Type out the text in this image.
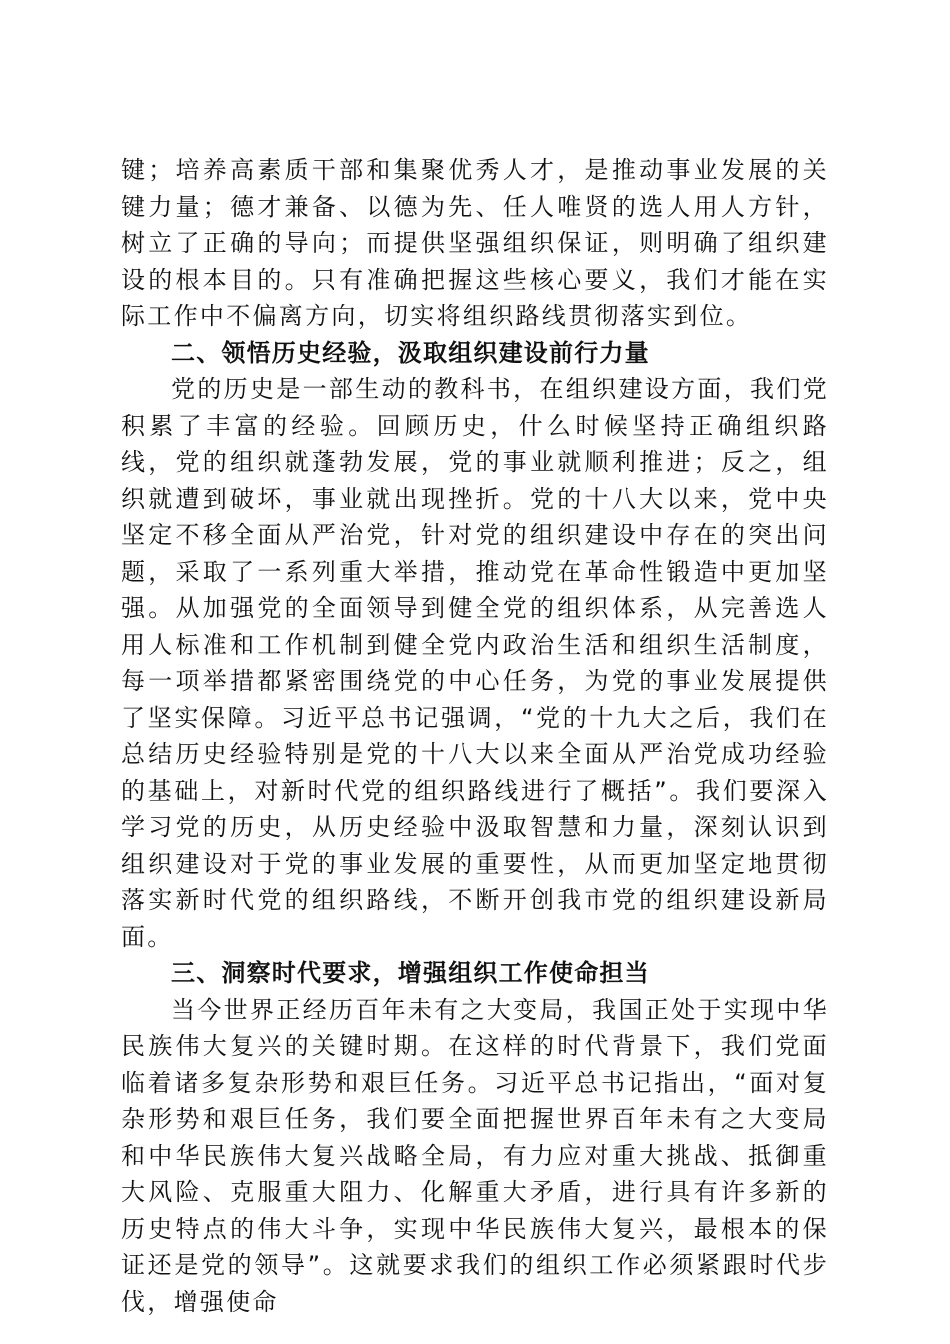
键；培养高素质干部和集聚优秀人才，是推动事业发展的关键力量；德才兼备、以德为先、任人唯贤的选人用人方针，树立了正确的导向；而提供坚强组织保证，则明确了组织建设的根本目的。只有准确把握这些核心要义，我们才能在实际工作中不偏离方向，切实将组织路线贯彻落实到位。

二、领悟历史经验，汲取组织建设前行力量

党的历史是一部生动的教科书，在组织建设方面，我们党积累了丰富的经验。回顾历史，什么时候坚持正确组织路线，党的组织就蓬勃发展，党的事业就顺利推进；反之，组织就遭到破坏，事业就出现挫折。党的十八大以来，党中央坚定不移全面从严治党，针对党的组织建设中存在的突出问题，采取了一系列重大举措，推动党在革命性锻造中更加坚强。从加强党的全面领导到健全党的组织体系，从完善选人用人标准和工作机制到健全党内政治生活和组织生活制度，每一项举措都紧密围绕党的中心任务，为党的事业发展提供了坚实保障。习近平总书记强调，“党的十九大之后，我们在总结历史经验特别是党的十八大以来全面从严治党成功经验的基础上，对新时代党的组织路线进行了概括”。我们要深入学习党的历史，从历史经验中汲取智慧和力量，深刻认识到组织建设对于党的事业发展的重要性，从而更加坚定地贯彻落实新时代党的组织路线，不断开创我市党的组织建设新局面。

三、洞察时代要求，增强组织工作使命担当

当今世界正经历百年未有之大变局，我国正处于实现中华民族伟大复兴的关键时期。在这样的时代背景下，我们党面临着诸多复杂形势和艰巨任务。习近平总书记指出，“面对复杂形势和艰巨任务，我们要全面把握世界百年未有之大变局和中华民族伟大复兴战略全局，有力应对重大挑战、抵御重大风险、克服重大阻力、化解重大矛盾，进行具有许多新的历史特点的伟大斗争，实现中华民族伟大复兴，最根本的保证还是党的领导”。这就要求我们的组织工作必须紧跟时代步伐，增强使命
